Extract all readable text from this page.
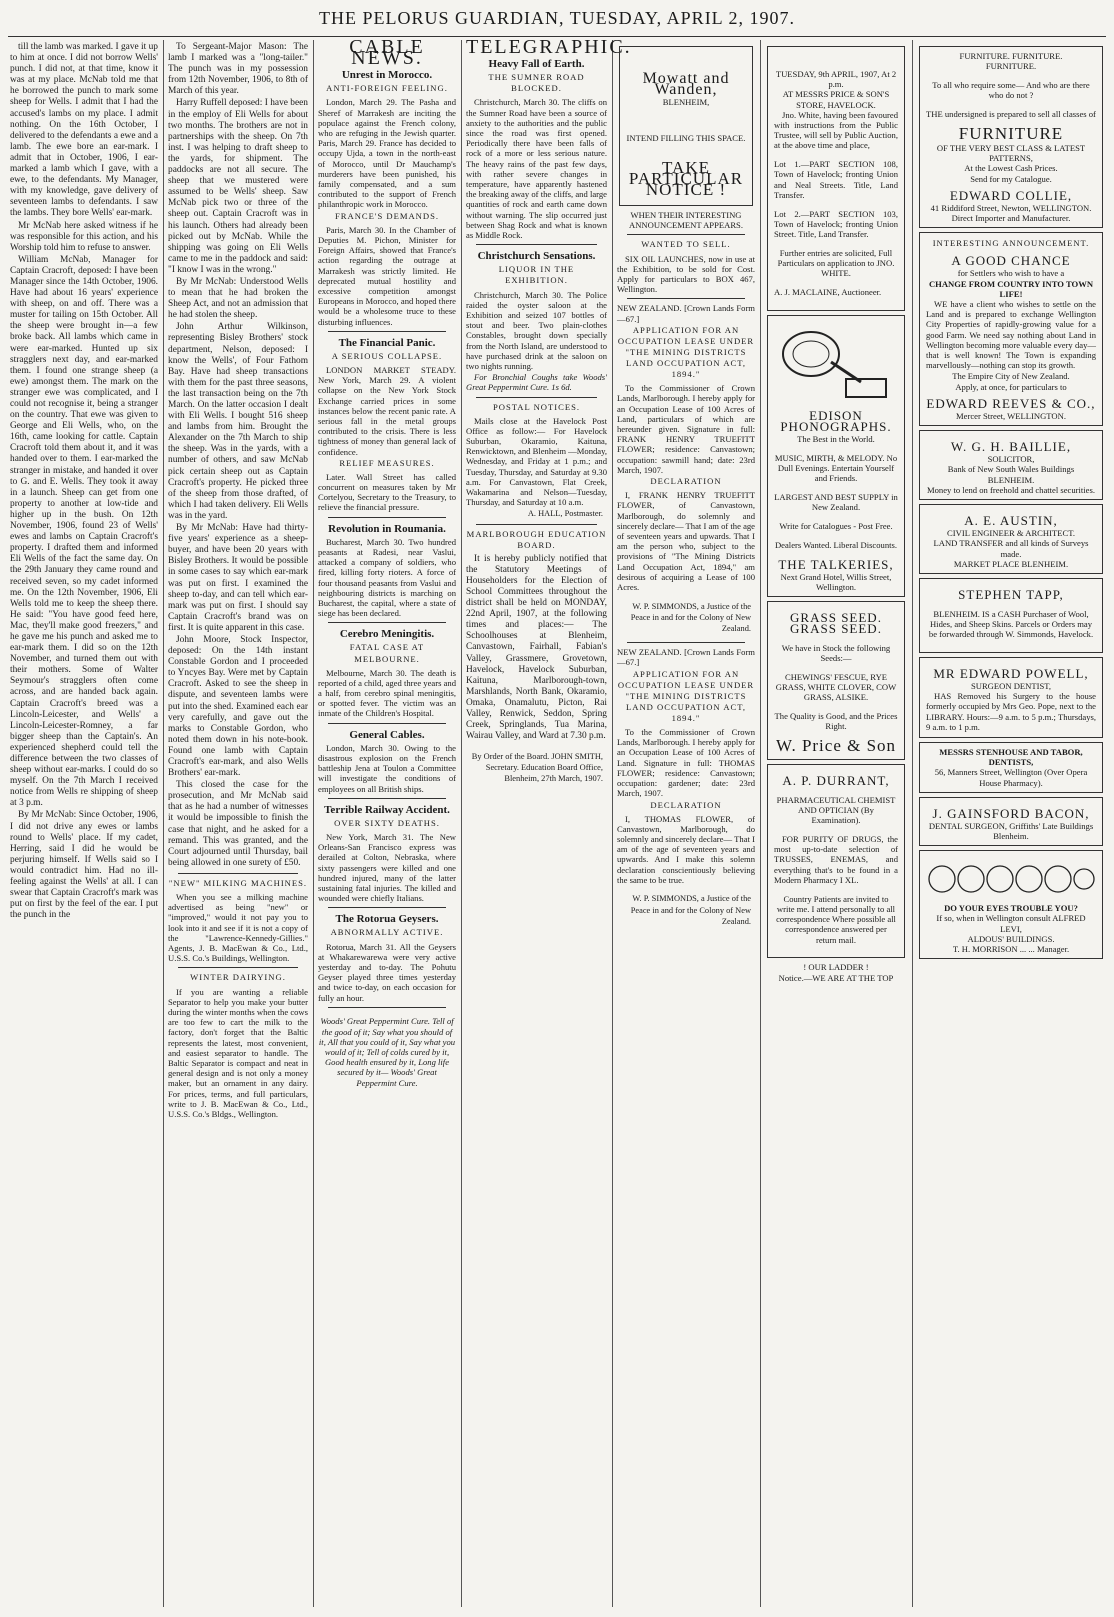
THE PELORUS GUARDIAN, TUESDAY, APRIL 2, 1907.

till the lamb was marked. I gave it up to him at once. I did not borrow Wells' punch. I did not, at that time, know it was at my place. McNab told me that he borrowed the punch to mark some sheep for Wells. I admit that I had the accused's lambs on my place. I admit nothing. On the 16th October, I delivered to the defendants a ewe and a lamb. The ewe bore an ear-mark. I admit that in October, 1906, I ear-marked a lamb which I gave, with a ewe, to the defendants. My Manager, with my knowledge, gave delivery of seventeen lambs to defendants. I saw the lambs. They bore Wells' ear-mark.

Mr McNab here asked witness if he was responsible for this action, and his Worship told him to refuse to answer.

William McNab, Manager for Captain Cracroft, deposed: I have been Manager since the 14th October, 1906. Have had about 16 years' experience with sheep, on and off. There was a muster for tailing on 15th October. All the sheep were brought in—a few broke back. All lambs which came in were ear-marked. Hunted up six stragglers next day, and ear-marked them. I found one strange sheep (a ewe) amongst them. The mark on the stranger ewe was complicated, and I could not recognise it, being a stranger on the country. That ewe was given to George and Eli Wells, who, on the 16th, came looking for cattle. Captain Cracroft told them about it, and it was handed over to them. I ear-marked the stranger in mistake, and handed it over to G. and E. Wells. They took it away in a launch. Sheep can get from one property to another at low-tide and higher up in the bush. On 12th November, 1906, found 23 of Wells' ewes and lambs on Captain Cracroft's property. I drafted them and informed Eli Wells of the fact the same day. On the 29th January they came round and received seven, so my cadet informed me. On the 12th November, 1906, Eli Wells told me to keep the sheep there. He said: "You have good feed here, Mac, they'll make good freezers," and he gave me his punch and asked me to ear-mark them. I did so on the 12th November, and turned them out with their mothers. Some of Walter Seymour's stragglers often come across, and are handed back again. Captain Cracroft's breed was a Lincoln-Leicester, and Wells' a Lincoln-Leicester-Romney, a far bigger sheep than the Captain's. An experienced shepherd could tell the difference between the two classes of sheep without ear-marks. I could do so myself. On the 7th March I received notice from Wells re shipping of sheep at 3 p.m.

By Mr McNab: Since October, 1906, I did not drive any ewes or lambs round to Wells' place. If my cadet, Herring, said I did he would be perjuring himself. If Wells said so I would contradict him. Had no ill-feeling against the Wells' at all. I can swear that Captain Cracroft's mark was put on first by the feel of the ear. I put the punch in the

To Sergeant-Major Mason: The lamb I marked was a "long-tailer." The punch was in my possession from 12th November, 1906, to 8th of March of this year.

Harry Ruffell deposed: I have been in the employ of Eli Wells for about two months. The brothers are not in partnerships with the sheep. On 7th inst. I was helping to draft sheep to the yards, for shipment. The paddocks are not all secure. The sheep that we mustered were assumed to be Wells' sheep. Saw McNab pick two or three of the sheep out. Captain Cracroft was in his launch. Others had already been picked out by McNab. While the shipping was going on Eli Wells came to me in the paddock and said: "I know I was in the wrong."

By Mr McNab: Understood Wells to mean that he had broken the Sheep Act, and not an admission that he had stolen the sheep.

John Arthur Wilkinson, representing Bisley Brothers' stock department, Nelson, deposed: I know the Wells', of Four Fathom Bay. Have had sheep transactions with them for the past three seasons, the last transaction being on the 7th March. On the latter occasion I dealt with Eli Wells. I bought 516 sheep and lambs from him. Brought the Alexander on the 7th March to ship the sheep. Was in the yards, with a number of others, and saw McNab pick certain sheep out as Captain Cracroft's property. He picked three of the sheep from those drafted, of which I had taken delivery. Eli Wells was in the yard.

By Mr McNab: Have had thirty-five years' experience as a sheep-buyer, and have been 20 years with Bisley Brothers. It would be possible in some cases to say which ear-mark was put on first. I examined the sheep to-day, and can tell which ear-mark was put on first. I should say Captain Cracroft's brand was on first. It is quite apparent in this case.

John Moore, Stock Inspector, deposed: On the 14th instant Constable Gordon and I proceeded to Yncyes Bay. Were met by Captain Cracroft. Asked to see the sheep in dispute, and seventeen lambs were put into the shed. Examined each ear very carefully, and gave out the marks to Constable Gordon, who noted them down in his note-book. Found one lamb with Captain Cracroft's ear-mark, and also Wells Brothers' ear-mark.

This closed the case for the prosecution, and Mr McNab said that as he had a number of witnesses it would be impossible to finish the case that night, and he asked for a remand. This was granted, and the Court adjourned until Thursday, bail being allowed in one surety of £50.

"NEW" MILKING MACHINES.

When you see a milking machine advertised as being "new" or "improved," would it not pay you to look into it and see if it is not a copy of the "Lawrence-Kennedy-Gillies." Agents, J. B. MacEwan & Co., Ltd., U.S.S. Co.'s Buildings, Wellington.

WINTER DAIRYING.

If you are wanting a reliable Separator to help you make your butter during the winter months when the cows are too few to cart the milk to the factory, don't forget that the Baltic represents the latest, most convenient, and easiest separator to handle. The Baltic Separator is compact and neat in general design and is not only a money maker, but an ornament in any dairy. For prices, terms, and full particulars, write to J. B. MacEwan & Co., Ltd., U.S.S. Co.'s Bldgs., Wellington.

CABLE NEWS.
Unrest in Morocco.
ANTI-FOREIGN FEELING.

London, March 29. The Pasha and Sheref of Marrakesh are inciting the populace against the French colony, who are refuging in the Jewish quarter. Paris, March 29. France has decided to occupy Ujda, a town in the north-east of Morocco, until Dr Mauchamp's murderers have been punished, his family compensated, and a sum contributed to the support of French philanthropic work in Morocco.

FRANCE'S DEMANDS.

Paris, March 30. In the Chamber of Deputies M. Pichon, Minister for Foreign Affairs, showed that France's action regarding the outrage at Marrakesh was strictly limited. He deprecated mutual hostility and excessive competition amongst Europeans in Morocco, and hoped there would be a wholesome truce to these disturbing influences.

The Financial Panic.
A SERIOUS COLLAPSE.

LONDON MARKET STEADY. New York, March 29. A violent collapse on the New York Stock Exchange carried prices in some instances below the recent panic rate. A serious fall in the metal groups contributed to the crisis. There is less tightness of money than general lack of confidence.

RELIEF MEASURES.

Later. Wall Street has called concurrent on measures taken by Mr Cortelyou, Secretary to the Treasury, to relieve the financial pressure.

Revolution in Roumania.

Bucharest, March 30. Two hundred peasants at Radesi, near Vaslui, attacked a company of soldiers, who fired, killing forty rioters. A force of four thousand peasants from Vaslui and neighbouring districts is marching on Bucharest, the capital, where a state of siege has been declared.

Cerebro Meningitis.
FATAL CASE AT MELBOURNE.

Melbourne, March 30. The death is reported of a child, aged three years and a half, from cerebro spinal meningitis, or spotted fever. The victim was an inmate of the Children's Hospital.

General Cables.

London, March 30. Owing to the disastrous explosion on the French battleship Jena at Toulon a Committee will investigate the conditions of employees on all British ships.

Terrible Railway Accident.
OVER SIXTY DEATHS.

New York, March 31. The New Orleans-San Francisco express was derailed at Colton, Nebraska, where sixty passengers were killed and one hundred injured, many of the latter sustaining fatal injuries. The killed and wounded were chiefly Italians.

The Rotorua Geysers.
ABNORMALLY ACTIVE.

Rotorua, March 31. All the Geysers at Whakarewarewa were very active yesterday and to-day. The Pohutu Geyser played three times yesterday and twice to-day, on each occasion for fully an hour.

Woods' Great Peppermint Cure. Tell of the good of it; Say what you should of it, All that you could of it, Say what you would of it; Tell of colds cured by it, Good health ensured by it, Long life secured by it— Woods' Great Peppermint Cure.

TELEGRAPHIC.
Heavy Fall of Earth.
THE SUMNER ROAD BLOCKED.

Christchurch, March 30. The cliffs on the Sumner Road have been a source of anxiety to the authorities and the public since the road was first opened. Periodically there have been falls of rock of a more or less serious nature. The heavy rains of the past few days, with rather severe changes in temperature, have apparently hastened the breaking away of the cliffs, and large quantities of rock and earth came down without warning. The slip occurred just between Shag Rock and what is known as Middle Rock.

Christchurch Sensations.
LIQUOR IN THE EXHIBITION.

Christchurch, March 30. The Police raided the oyster saloon at the Exhibition and seized 107 bottles of stout and beer. Two plain-clothes Constables, brought down specially from the North Island, are understood to have purchased drink at the saloon on two nights running.

For Bronchial Coughs take Woods' Great Peppermint Cure. 1s 6d.

POSTAL NOTICES.

Mails close at the Havelock Post Office as follow:— For Havelock Suburban, Okaramio, Kaituna, Renwicktown, and Blenheim —Monday, Wednesday, and Friday at 1 p.m.; and Tuesday, Thursday, and Saturday at 9.30 a.m. For Canvastown, Flat Creek, Wakamarina and Nelson—Tuesday, Thursday, and Saturday at 10 a.m.

A. HALL, Postmaster.
MARLBOROUGH EDUCATION BOARD.

It is hereby publicly notified that the Statutory Meetings of Householders for the Election of School Committees throughout the district shall be held on MONDAY, 22nd April, 1907, at the following times and places:— The Schoolhouses at Blenheim, Canvastown, Fairhall, Fabian's Valley, Grassmere, Grovetown, Havelock, Havelock Suburban, Kaituna, Marlborough-town, Marshlands, North Bank, Okaramio, Omaka, Onamalutu, Picton, Rai Valley, Renwick, Seddon, Spring Creek, Springlands, Tua Marina, Wairau Valley, and Ward at 7.30 p.m.

By Order of the Board. JOHN SMITH, Secretary. Education Board Office, Blenheim, 27th March, 1907.

Mowatt and Wanden,
BLENHEIM,
INTEND FILLING THIS SPACE.
TAKE PARTICULAR NOTICE !
WHEN THEIR INTERESTING ANNOUNCEMENT APPEARS.
WANTED TO SELL.

SIX OIL LAUNCHES, now in use at the Exhibition, to be sold for Cost. Apply for particulars to BOX 467, Wellington.

NEW ZEALAND. [Crown Lands Form—67.]
APPLICATION FOR AN OCCUPATION LEASE UNDER "THE MINING DISTRICTS LAND OCCUPATION ACT, 1894."

To the Commissioner of Crown Lands, Marlborough. I hereby apply for an Occupation Lease of 100 Acres of Land, particulars of which are hereunder given. Signature in full: FRANK HENRY TRUEFITT FLOWER; residence: Canvastown; occupation: sawmill hand; date: 23rd March, 1907.

DECLARATION

I, FRANK HENRY TRUEFITT FLOWER, of Canvastown, Marlborough, do solemnly and sincerely declare— That I am of the age of seventeen years and upwards. That I am the person who, subject to the provisions of "The Mining Districts Land Occupation Act, 1894," am desirous of acquiring a Lease of 100 Acres.

W. P. SIMMONDS, a Justice of the Peace in and for the Colony of New Zealand.

NEW ZEALAND. [Crown Lands Form—67.]
APPLICATION FOR AN OCCUPATION LEASE UNDER "THE MINING DISTRICTS LAND OCCUPATION ACT, 1894."

To the Commissioner of Crown Lands, Marlborough. I hereby apply for an Occupation Lease of 100 Acres of Land. Signature in full: THOMAS FLOWER; residence: Canvastown; occupation: gardener; date: 23rd March, 1907.

DECLARATION

I, THOMAS FLOWER, of Canvastown, Marlborough, do solemnly and sincerely declare— That I am of the age of seventeen years and upwards. And I make this solemn declaration conscientiously believing the same to be true.

W. P. SIMMONDS, a Justice of the Peace in and for the Colony of New Zealand.

TUESDAY, 9th APRIL, 1907, At 2 p.m.
AT MESSRS PRICE & SON'S STORE, HAVELOCK.

Jno. White, having been favoured with instructions from the Public Trustee, will sell by Public Auction, at the above time and place,

Lot 1.—PART SECTION 108, Town of Havelock; fronting Union and Neal Streets. Title, Land Transfer.

Lot 2.—PART SECTION 103, Town of Havelock; fronting Union Street. Title, Land Transfer.

Further entries are solicited, Full Particulars on application to JNO. WHITE.

A. J. MACLAINE, Auctioneer.

EDISON PHONOGRAPHS.
The Best in the World.

MUSIC, MIRTH, & MELODY. No Dull Evenings. Entertain Yourself and Friends.

LARGEST AND BEST SUPPLY in New Zealand.

Write for Catalogues - Post Free.

Dealers Wanted. Liberal Discounts.

THE TALKERIES,
Next Grand Hotel, Willis Street, Wellington.
GRASS SEED. GRASS SEED.

We have in Stock the following Seeds:—

CHEWINGS' FESCUE, RYE GRASS, WHITE CLOVER, COW GRASS, ALSIKE.

The Quality is Good, and the Prices Right.

W. Price & Son
A. P. DURRANT,

PHARMACEUTICAL CHEMIST AND OPTICIAN (By Examination).

FOR PURITY OF DRUGS, the most up-to-date selection of TRUSSES, ENEMAS, and everything that's to be found in a Modern Pharmacy I XL.

Country Patients are invited to write me. I attend personally to all correspondence Where possible all correspondence answered per return mail.

! OUR LADDER !
Notice.—WE ARE AT THE TOP
FURNITURE. FURNITURE.
FURNITURE.

To all who require some— And who are there who do not ?

THE undersigned is prepared to sell all classes of

FURNITURE
OF THE VERY BEST CLASS & LATEST PATTERNS,
At the Lowest Cash Prices.
Send for my Catalogue.
EDWARD COLLIE,
41 Riddiford Street, Newton, WELLINGTON.
Direct Importer and Manufacturer.
INTERESTING ANNOUNCEMENT.
A GOOD CHANCE
for Settlers who wish to have a
CHANGE FROM COUNTRY INTO TOWN LIFE!

WE have a client who wishes to settle on the Land and is prepared to exchange Wellington City Properties of rapidly-growing value for a good Farm. We need say nothing about Land in Wellington becoming more valuable every day—that is well known! The Town is expanding marvellously—nothing can stop its growth.

The Empire City of New Zealand.
Apply, at once, for particulars to
EDWARD REEVES & CO.,
Mercer Street, WELLINGTON.
W. G. H. BAILLIE,
SOLICITOR,
Bank of New South Wales Buildings BLENHEIM.
Money to lend on freehold and chattel securities.
A. E. AUSTIN,
CIVIL ENGINEER & ARCHITECT.
LAND TRANSFER and all kinds of Surveys made.
MARKET PLACE BLENHEIM.
STEPHEN TAPP,

BLENHEIM. IS a CASH Purchaser of Wool, Hides, and Sheep Skins. Parcels or Orders may be forwarded through W. Simmonds, Havelock.

MR EDWARD POWELL,
SURGEON DENTIST,

HAS Removed his Surgery to the house formerly occupied by Mrs Geo. Pope, next to the LIBRARY. Hours:—9 a.m. to 5 p.m.; Thursdays, 9 a.m. to 1 p.m.

MESSRS STENHOUSE AND TABOR, DENTISTS,
56, Manners Street, Wellington (Over Opera House Pharmacy).
J. GAINSFORD BACON,
DENTAL SURGEON, Griffiths' Late Buildings Blenheim.
DO YOUR EYES TROUBLE YOU?
If so, when in Wellington consult ALFRED LEVI,
ALDOUS' BUILDINGS.
T. H. MORRISON ... ... Manager.
